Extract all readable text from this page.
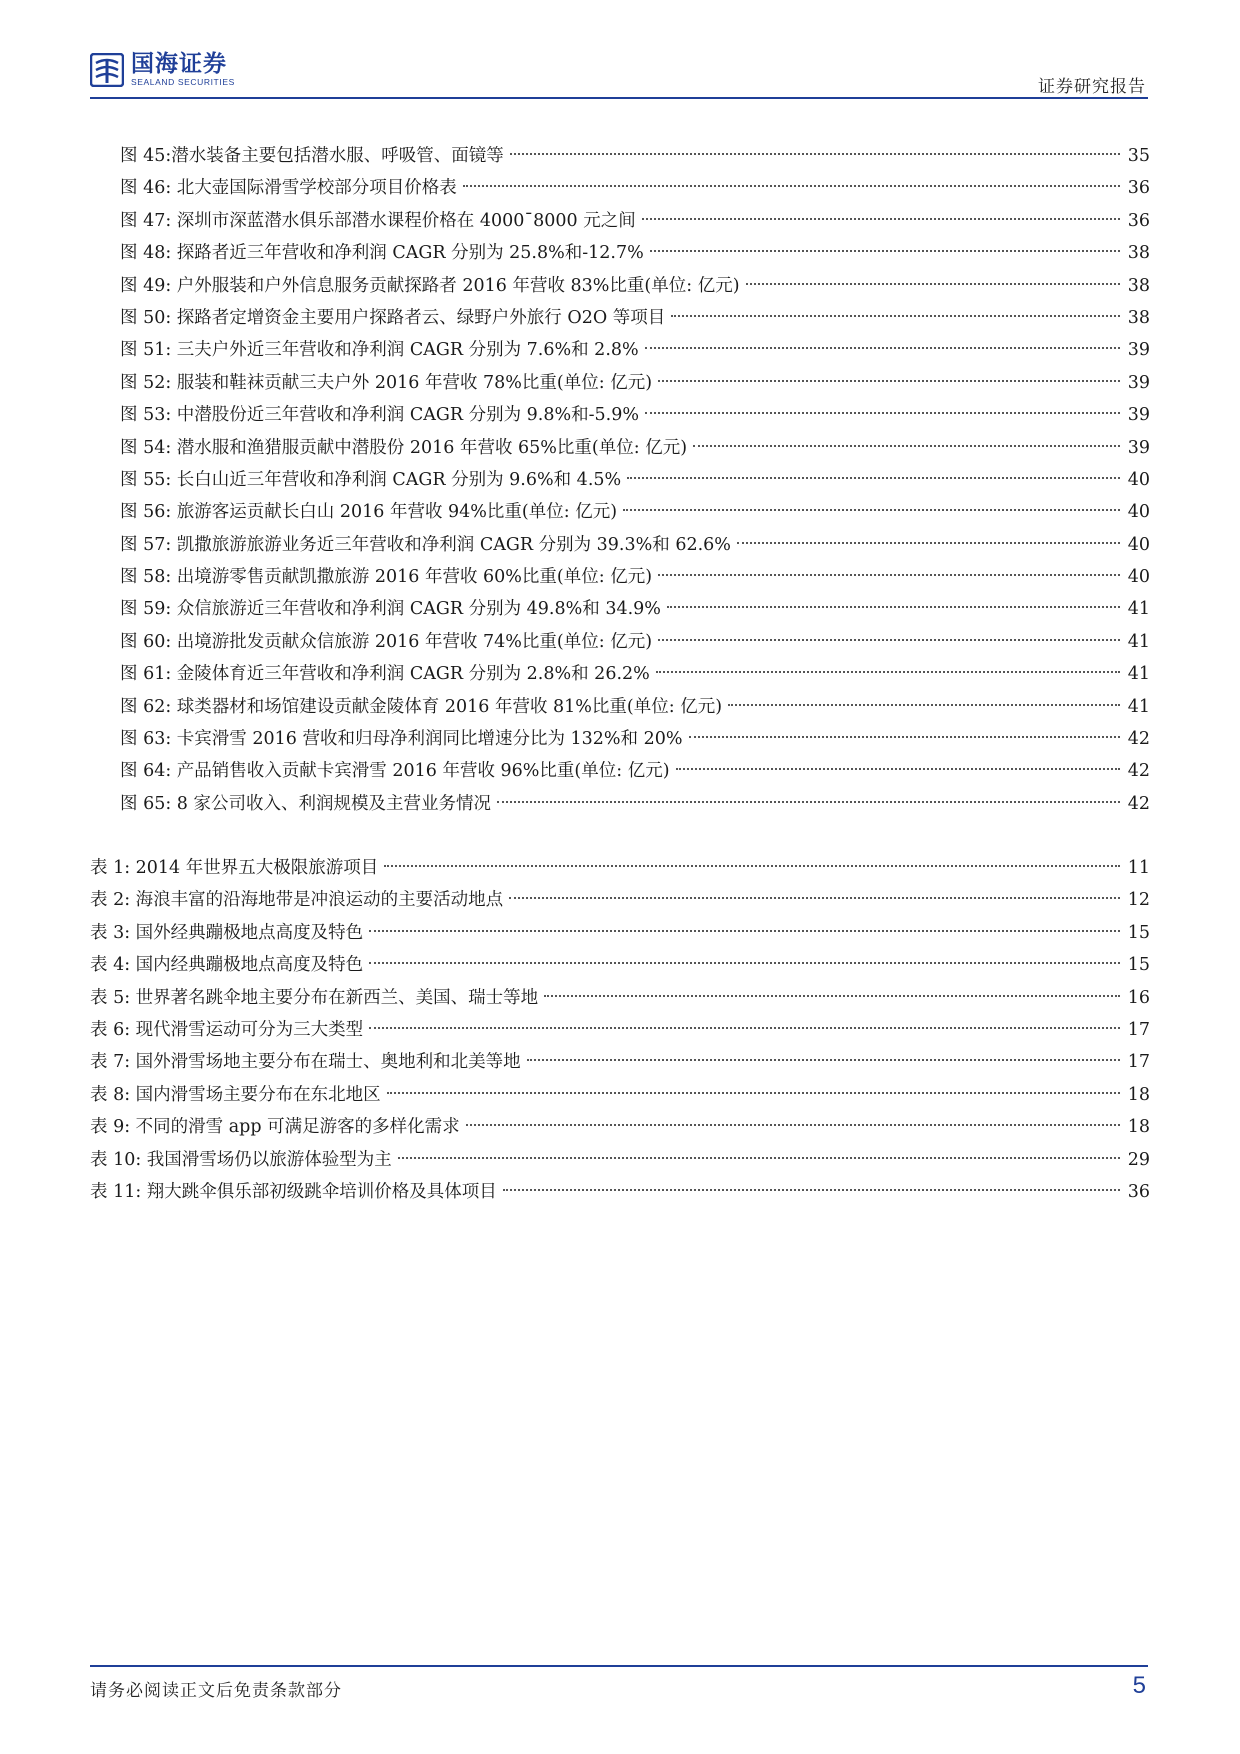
国海证券
SEALAND SECURITIES	证券研究报告
图 45:潜水装备主要包括潜水服、呼吸管、面镜等	35
图 46: 北大壶国际滑雪学校部分项目价格表	36
图 47: 深圳市深蓝潜水俱乐部潜水课程价格在 4000¯8000 元之间	36
图 48: 探路者近三年营收和净利润 CAGR 分别为 25.8%和-12.7%	38
图 49: 户外服装和户外信息服务贡献探路者 2016 年营收 83%比重(单位: 亿元)	38
图 50: 探路者定增资金主要用户探路者云、绿野户外旅行 O2O 等项目	38
图 51: 三夫户外近三年营收和净利润 CAGR 分别为 7.6%和 2.8%	39
图 52: 服装和鞋袜贡献三夫户外 2016 年营收 78%比重(单位: 亿元)	39
图 53: 中潜股份近三年营收和净利润 CAGR 分别为 9.8%和-5.9%	39
图 54: 潜水服和渔猎服贡献中潜股份 2016 年营收 65%比重(单位: 亿元)	39
图 55: 长白山近三年营收和净利润 CAGR 分别为 9.6%和 4.5%	40
图 56: 旅游客运贡献长白山 2016 年营收 94%比重(单位: 亿元)	40
图 57: 凯撒旅游旅游业务近三年营收和净利润 CAGR 分别为 39.3%和 62.6%	40
图 58: 出境游零售贡献凯撒旅游 2016 年营收 60%比重(单位: 亿元)	40
图 59: 众信旅游近三年营收和净利润 CAGR 分别为 49.8%和 34.9%	41
图 60: 出境游批发贡献众信旅游 2016 年营收 74%比重(单位: 亿元)	41
图 61: 金陵体育近三年营收和净利润 CAGR 分别为 2.8%和 26.2%	41
图 62: 球类器材和场馆建设贡献金陵体育 2016 年营收 81%比重(单位: 亿元)	41
图 63: 卡宾滑雪 2016 营收和归母净利润同比增速分比为 132%和 20%	42
图 64: 产品销售收入贡献卡宾滑雪 2016 年营收 96%比重(单位: 亿元)	42
图 65: 8 家公司收入、利润规模及主营业务情况	42
表 1: 2014 年世界五大极限旅游项目	11
表 2: 海浪丰富的沿海地带是冲浪运动的主要活动地点	12
表 3: 国外经典蹦极地点高度及特色	15
表 4: 国内经典蹦极地点高度及特色	15
表 5: 世界著名跳伞地主要分布在新西兰、美国、瑞士等地	16
表 6: 现代滑雪运动可分为三大类型	17
表 7: 国外滑雪场地主要分布在瑞士、奥地利和北美等地	17
表 8: 国内滑雪场主要分布在东北地区	18
表 9: 不同的滑雪 app 可满足游客的多样化需求	18
表 10: 我国滑雪场仍以旅游体验型为主	29
表 11: 翔大跳伞俱乐部初级跳伞培训价格及具体项目	36
请务必阅读正文后免责条款部分	5
